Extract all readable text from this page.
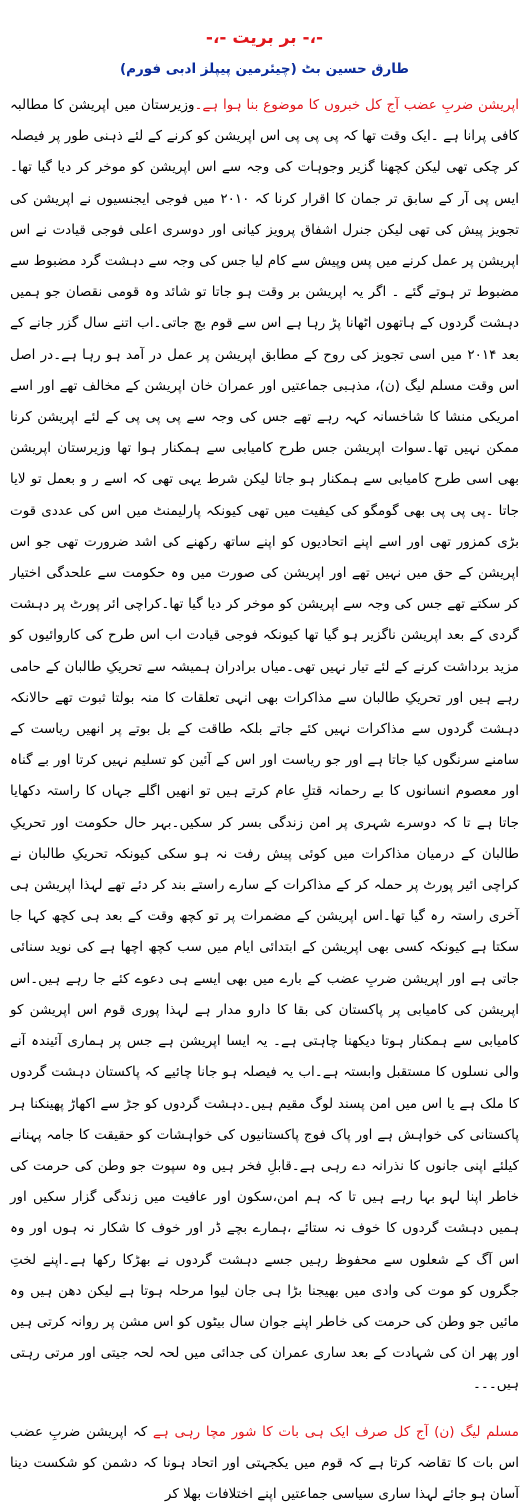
-،- بر بریت -،-
طارق حسین بٹ (چیئرمین پیپلز ادبی فورم)

اپریشن ضربِ عضب آج کل خبروں کا موضوع بنا ہوا ہے۔وزیرستان میں اپریشن کا مطالبہ کافی پرانا ہے ۔ایک وقت تھا کہ پی پی پی اس اپریشن کو کرنے کے لئے ذہنی طور پر فیصلہ کر چکی تھی لیکن کچھنا گزیر وجوہات کی وجہ سے اس اپریشن کو موخر کر دیا گیا تھا۔ایس پی آر کے سابق تر جمان کا اقرار کرنا کہ ۲۰۱۰ میں فوجی ایجنسیوں نے اپریشن کی تجویز پیش کی تھی لیکن جنرل اشفاق پرویز کیانی اور دوسری اعلی فوجی قیادت نے اس اپریشن پر عمل کرنے میں پس وپیش سے کام لیا جس کی وجہ سے دہشت گرد مضبوط سے مضبوط تر ہوتے گئے ۔ اگر یہ اپریشن بر وقت ہو جاتا تو شائد وہ قومی نقصان جو ہمیں دہشت گردوں کے ہاتھوں اٹھانا پڑ رہا ہے اس سے قوم بچ جاتی۔اب اتنے سال گزر جانے کے بعد ۲۰۱۴ میں اسی تجویز کی روح کے مطابق اپریشن پر عمل در آمد ہو رہا ہے۔در اصل اس وقت مسلم لیگ (ن)، مذہبی جماعتیں اور عمران خان اپریشن کے مخالف تھے اور اسے امریکی منشا کا شاخسانہ کہہ رہے تھے جس کی وجہ سے پی پی پی کے لئے اپریشن کرنا ممکن نہیں تھا۔سوات اپریشن جس طرح کامیابی سے ہمکنار ہوا تھا وزیرستان اپریشن بھی اسی طرح کامیابی سے ہمکنار ہو جاتا لیکن شرط یہی تھی کہ اسے ر و بعمل تو لایا جاتا ۔پی پی پی بھی گومگو کی کیفیت میں تھی کیونکہ پارلیمنٹ میں اس کی عددی قوت بڑی کمزور تھی اور اسے اپنے اتحادیوں کو اپنے ساتھ رکھنے کی اشد ضرورت تھی جو اس اپریشن کے حق میں نہیں تھے اور اپریشن کی صورت میں وہ حکومت سے علحدگی اختیار کر سکتے تھے جس کی وجہ سے اپریشن کو موخر کر دیا گیا تھا۔کراچی ائر پورٹ پر دہشت گردی کے بعد اپریشن ناگزیر ہو گیا تھا کیونکہ فوجی قیادت اب اس طرح کی کاروائیوں کو مزید برداشت کرنے کے لئے تیار نہیں تھی۔میاں برادران ہمیشہ سے تحریکِ طالبان کے حامی رہے ہیں اور تحریکِ طالبان سے مذاکرات بھی انہی تعلقات کا منہ بولتا ثبوت تھے حالانکہ دہشت گردوں سے مذاکرات نہیں کئے جاتے بلکہ طاقت کے بل بوتے پر انھیں ریاست کے سامنے سرنگوں کیا جاتا ہے اور جو ریاست اور اس کے آئین کو تسلیم نہیں کرتا اور بے گناہ اور معصوم انسانوں کا بے رحمانہ قتلِ عام کرتے ہیں تو انھیں اگلے جہاں کا راستہ دکھایا جاتا ہے تا کہ دوسرے شہری پر امن زندگی بسر کر سکیں۔بہر حال حکومت اور تحریکِ طالبان کے درمیان مذاکرات میں کوئی پیش رفت نہ ہو سکی کیونکہ تحریکِ طالبان نے کراچی ائیر پورٹ پر حملہ کر کے مذاکرات کے سارے راستے بند کر دئے تھے لہذا اپریشن ہی آخری راستہ رہ گیا تھا۔اس اپریشن کے مضمرات پر تو کچھ وقت کے بعد ہی کچھ کہا جا سکتا ہے کیونکہ کسی بھی اپریشن کے ابتدائی ایام میں سب کچھ اچھا ہے کی نوید سنائی جاتی ہے اور اپریشن ضربِ عضب کے بارے میں بھی ایسے ہی دعوے کئے جا رہے ہیں۔اس اپریشن کی کامیابی پر پاکستان کی بقا کا دارو مدار ہے لہذا پوری قوم اس اپریشن کو کامیابی سے ہمکنار ہوتا دیکھنا چاہتی ہے۔ یہ ایسا اپریشن ہے جس پر ہماری آئیندہ آنے والی نسلوں کا مستقبل وابستہ ہے۔اب یہ فیصلہ ہو جانا چائیے کہ پاکستان دہشت گردوں کا ملک ہے یا اس میں امن پسند لوگ مقیم ہیں۔دہشت گردوں کو جڑ سے اکھاڑ پھینکنا ہر پاکستانی کی خواہش ہے اور پاک فوج پاکستانیوں کی خواہشات کو حقیقت کا جامہ پہنانے کیلئے اپنی جانوں کا نذرانہ دے رہی ہے۔قابلِ فخر ہیں وہ سپوت جو وطن کی حرمت کی خاطر اپنا لہو بہا رہے ہیں تا کہ ہم امن،سکون اور عافیت میں زندگی گزار سکیں اور ہمیں دہشت گردوں کا خوف نہ ستائے ،ہمارے بچے ڈر اور خوف کا شکار نہ ہوں اور وہ اس آگ کے شعلوں سے محفوظ رہیں جسے دہشت گردوں نے بھڑکا رکھا ہے۔اپنے لختِ جگروں کو موت کی وادی میں بھیجنا بڑا ہی جان لیوا مرحلہ ہوتا ہے لیکن دھن ہیں وہ مائیں جو وطن کی حرمت کی خاطر اپنے جوان سال بیٹوں کو اس مشن پر روانہ کرتی ہیں اور پھر ان کی شہادت کے بعد ساری عمران کی جدائی میں لحہ لحہ جیتی اور مرتی رہتی ہیں۔۔۔

مسلم لیگ (ن) آج کل صرف ایک ہی بات کا شور مچا رہی ہے کہ اپریشن ضربِ عضب اس بات کا تقاضہ کرتا ہے کہ قوم میں یکجہتی اور اتحاد ہونا کہ دشمن کو شکست دینا آسان ہو جائے لہذا ساری سیاسی جماعتیں اپنے اختلافات بھلا کر
